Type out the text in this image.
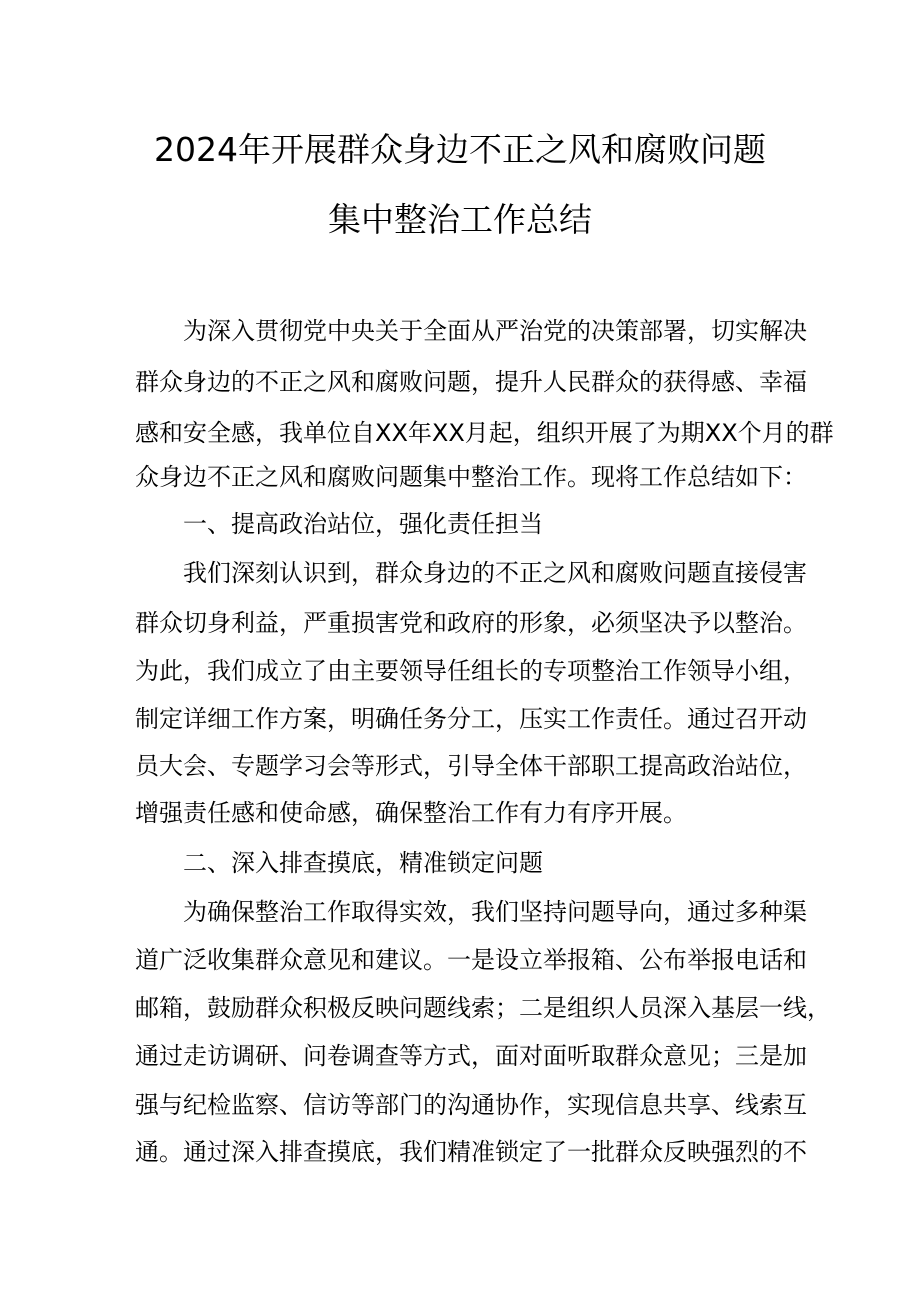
2024年开展群众身边不正之风和腐败问题
集中整治工作总结
为深入贯彻党中央关于全面从严治党的决策部署，切实解决
群众身边的不正之风和腐败问题，提升人民群众的获得感、幸福
感和安全感，我单位自XX年XX月起，组织开展了为期XX个月的群
众身边不正之风和腐败问题集中整治工作。现将工作总结如下：
一、提高政治站位，强化责任担当
我们深刻认识到，群众身边的不正之风和腐败问题直接侵害
群众切身利益，严重损害党和政府的形象，必须坚决予以整治。
为此，我们成立了由主要领导任组长的专项整治工作领导小组，
制定详细工作方案，明确任务分工，压实工作责任。通过召开动
员大会、专题学习会等形式，引导全体干部职工提高政治站位，
增强责任感和使命感，确保整治工作有力有序开展。
二、深入排查摸底，精准锁定问题
为确保整治工作取得实效，我们坚持问题导向，通过多种渠
道广泛收集群众意见和建议。一是设立举报箱、公布举报电话和
邮箱，鼓励群众积极反映问题线索；二是组织人员深入基层一线，
通过走访调研、问卷调查等方式，面对面听取群众意见；三是加
强与纪检监察、信访等部门的沟通协作，实现信息共享、线索互
通。通过深入排查摸底，我们精准锁定了一批群众反映强烈的不
